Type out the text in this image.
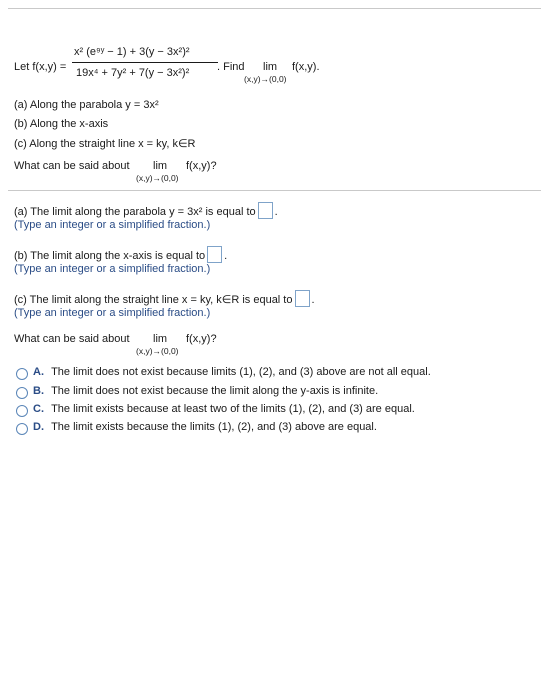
Let f(x,y) =
x² (e⁹ʸ − 1) + 3(y − 3x²)²
19x⁴ + 7y² + 7(y − 3x²)²	. Find lim
(x,y)→(0,0)
f(x,y).
(a) Along the parabola y = 3x²
(b) Along the x-axis
(c) Along the straight line x = ky, k∈R
What can be said about lim
(x,y)→(0,0)
f(x,y)?
(a) The limit along the parabola y = 3x² is equal to .
(Type an integer or a simplified fraction.)
(b) The limit along the x-axis is equal to .
(Type an integer or a simplified fraction.)
(c) The limit along the straight line x = ky, k∈R is equal to .
(Type an integer or a simplified fraction.)
What can be said about lim
(x,y)→(0,0)
f(x,y)?
A. The limit does not exist because limits (1), (2), and (3) above are not all equal.
B. The limit does not exist because the limit along the y-axis is infinite.
C. The limit exists because at least two of the limits (1), (2), and (3) are equal.
D. The limit exists because the limits (1), (2), and (3) above are equal.
